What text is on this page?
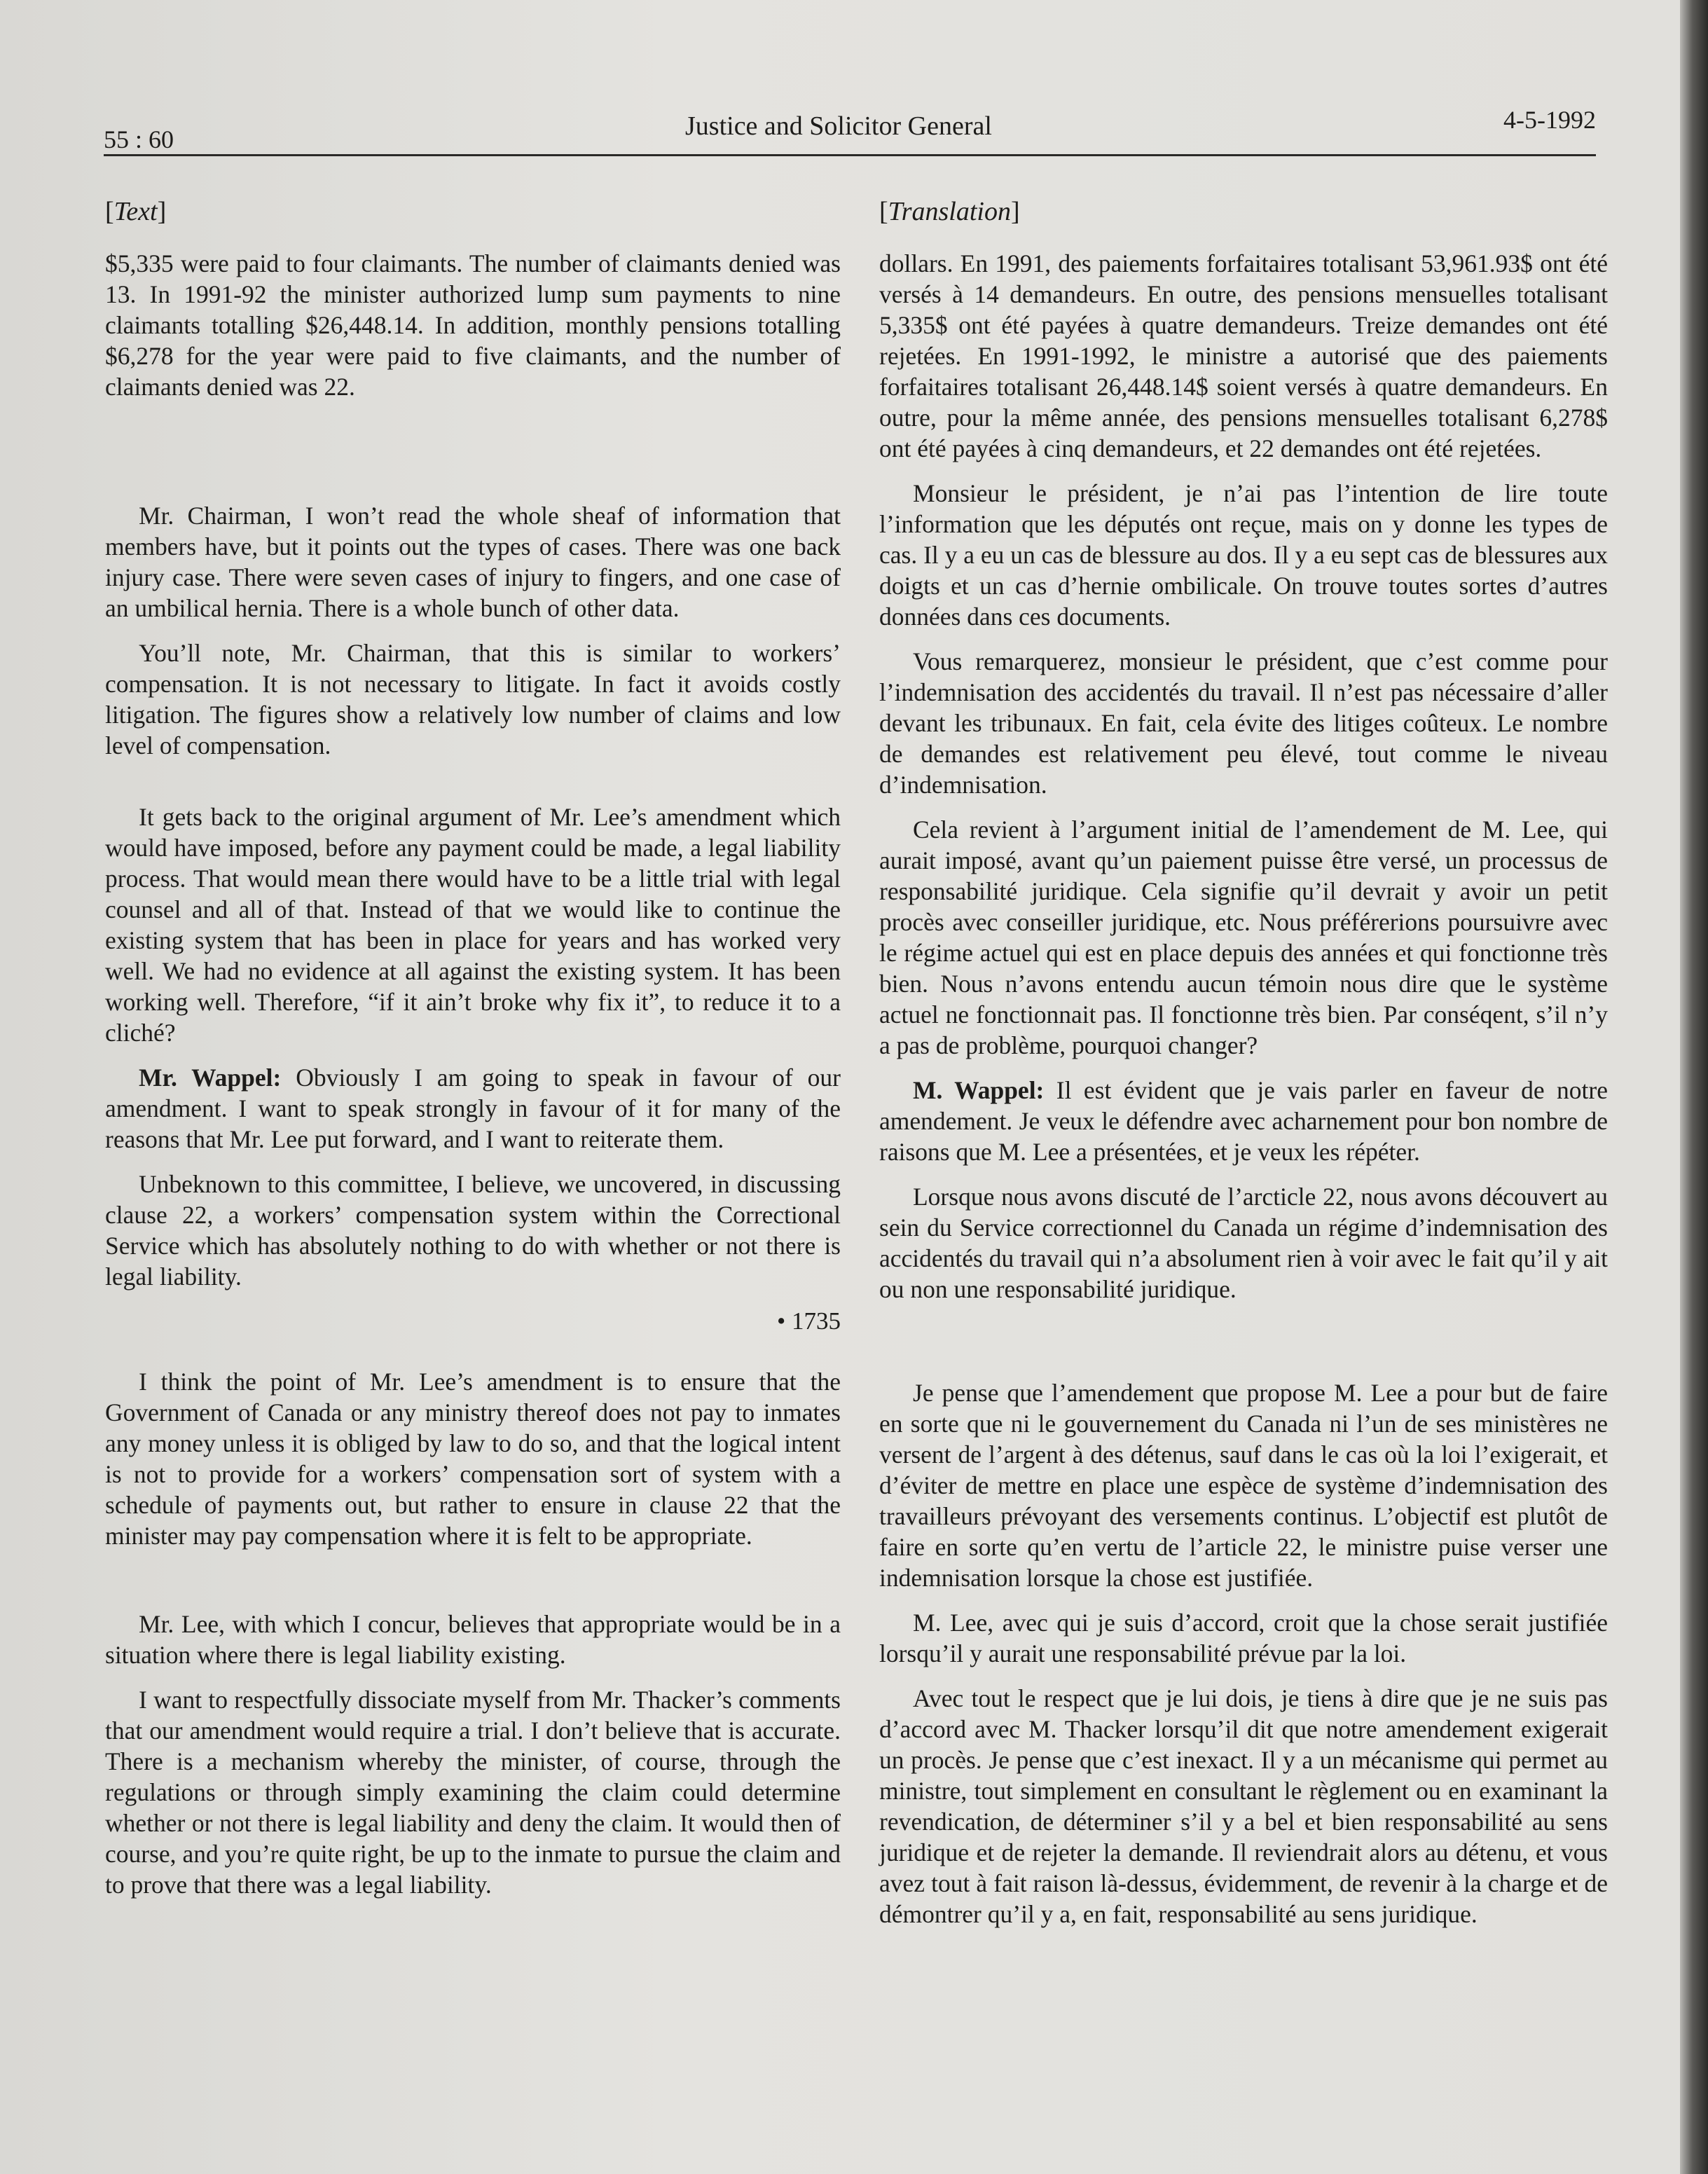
55 : 60	Justice and Solicitor General	4-5-1992
[Text]

$5,335 were paid to four claimants. The number of claimants denied was 13. In 1991-92 the minister authorized lump sum payments to nine claimants totalling $26,448.14. In addition, monthly pensions totalling $6,278 for the year were paid to five claimants, and the number of claimants denied was 22.

Mr. Chairman, I won’t read the whole sheaf of information that members have, but it points out the types of cases. There was one back injury case. There were seven cases of injury to fingers, and one case of an umbilical hernia. There is a whole bunch of other data.

You’ll note, Mr. Chairman, that this is similar to workers’ compensation. It is not necessary to litigate. In fact it avoids costly litigation. The figures show a relatively low number of claims and low level of compensation.

It gets back to the original argument of Mr. Lee’s amendment which would have imposed, before any payment could be made, a legal liability process. That would mean there would have to be a little trial with legal counsel and all of that. Instead of that we would like to continue the existing system that has been in place for years and has worked very well. We had no evidence at all against the existing system. It has been working well. Therefore, “if it ain’t broke why fix it”, to reduce it to a cliché?

Mr. Wappel: Obviously I am going to speak in favour of our amendment. I want to speak strongly in favour of it for many of the reasons that Mr. Lee put forward, and I want to reiterate them.

Unbeknown to this committee, I believe, we uncovered, in discussing clause 22, a workers’ compensation system within the Correctional Service which has absolutely nothing to do with whether or not there is legal liability.

• 1735

I think the point of Mr. Lee’s amendment is to ensure that the Government of Canada or any ministry thereof does not pay to inmates any money unless it is obliged by law to do so, and that the logical intent is not to provide for a workers’ compensation sort of system with a schedule of payments out, but rather to ensure in clause 22 that the minister may pay compensation where it is felt to be appropriate.

Mr. Lee, with which I concur, believes that appropriate would be in a situation where there is legal liability existing.

I want to respectfully dissociate myself from Mr. Thacker’s comments that our amendment would require a trial. I don’t believe that is accurate. There is a mechanism whereby the minister, of course, through the regulations or through simply examining the claim could determine whether or not there is legal liability and deny the claim. It would then of course, and you’re quite right, be up to the inmate to pursue the claim and to prove that there was a legal liability.

[Translation]

dollars. En 1991, des paiements forfaitaires totalisant 53,961.93$ ont été versés à 14 demandeurs. En outre, des pensions mensuelles totalisant 5,335$ ont été payées à quatre demandeurs. Treize demandes ont été rejetées. En 1991-1992, le ministre a autorisé que des paiements forfaitaires totalisant 26,448.14$ soient versés à quatre demandeurs. En outre, pour la même année, des pensions mensuelles totalisant 6,278$ ont été payées à cinq demandeurs, et 22 demandes ont été rejetées.

Monsieur le président, je n’ai pas l’intention de lire toute l’information que les députés ont reçue, mais on y donne les types de cas. Il y a eu un cas de blessure au dos. Il y a eu sept cas de blessures aux doigts et un cas d’hernie ombilicale. On trouve toutes sortes d’autres données dans ces documents.

Vous remarquerez, monsieur le président, que c’est comme pour l’indemnisation des accidentés du travail. Il n’est pas nécessaire d’aller devant les tribunaux. En fait, cela évite des litiges coûteux. Le nombre de demandes est relativement peu élevé, tout comme le niveau d’indemnisation.

Cela revient à l’argument initial de l’amendement de M. Lee, qui aurait imposé, avant qu’un paiement puisse être versé, un processus de responsabilité juridique. Cela signifie qu’il devrait y avoir un petit procès avec conseiller juridique, etc. Nous préférerions poursuivre avec le régime actuel qui est en place depuis des années et qui fonctionne très bien. Nous n’avons entendu aucun témoin nous dire que le système actuel ne fonctionnait pas. Il fonctionne très bien. Par conséqent, s’il n’y a pas de problème, pourquoi changer?

M. Wappel: Il est évident que je vais parler en faveur de notre amendement. Je veux le défendre avec acharnement pour bon nombre de raisons que M. Lee a présentées, et je veux les répéter.

Lorsque nous avons discuté de l’arcticle 22, nous avons découvert au sein du Service correctionnel du Canada un régime d’indemnisation des accidentés du travail qui n’a absolument rien à voir avec le fait qu’il y ait ou non une responsabilité juridique.

Je pense que l’amendement que propose M. Lee a pour but de faire en sorte que ni le gouvernement du Canada ni l’un de ses ministères ne versent de l’argent à des détenus, sauf dans le cas où la loi l’exigerait, et d’éviter de mettre en place une espèce de système d’indemnisation des travailleurs prévoyant des versements continus. L’objectif est plutôt de faire en sorte qu’en vertu de l’article 22, le ministre puise verser une indemnisation lorsque la chose est justifiée.

M. Lee, avec qui je suis d’accord, croit que la chose serait justifiée lorsqu’il y aurait une responsabilité prévue par la loi.

Avec tout le respect que je lui dois, je tiens à dire que je ne suis pas d’accord avec M. Thacker lorsqu’il dit que notre amendement exigerait un procès. Je pense que c’est inexact. Il y a un mécanisme qui permet au ministre, tout simplement en consultant le règlement ou en examinant la revendication, de déterminer s’il y a bel et bien responsabilité au sens juridique et de rejeter la demande. Il reviendrait alors au détenu, et vous avez tout à fait raison là-dessus, évidemment, de revenir à la charge et de démontrer qu’il y a, en fait, responsabilité au sens juridique.
